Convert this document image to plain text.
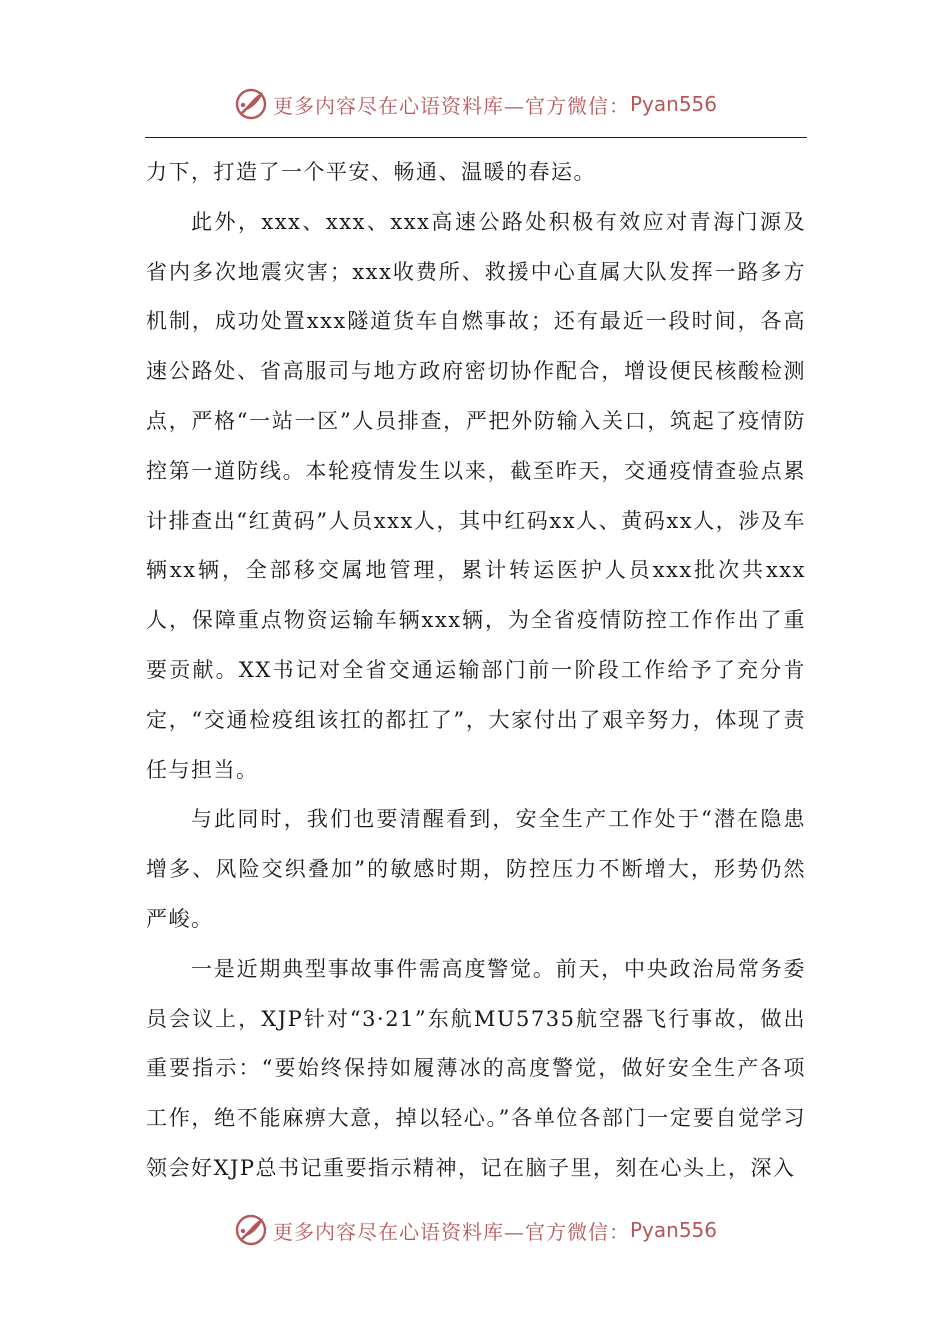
更多内容尽在心语资料库—官方微信： Pyan556

力下，打造了一个平安、畅通、温暖的春运。

此外，xxx、xxx、xxx高速公路处积极有效应对青海门源及省内多次地震灾害；xxx收费所、救援中心直属大队发挥一路多方机制，成功处置xxx隧道货车自燃事故；还有最近一段时间，各高速公路处、省高服司与地方政府密切协作配合，增设便民核酸检测点，严格“一站一区”人员排查，严把外防输入关口，筑起了疫情防控第一道防线。本轮疫情发生以来，截至昨天，交通疫情查验点累计排查出“红黄码”人员xxx人，其中红码xx人、黄码xx人，涉及车辆xx辆，全部移交属地管理，累计转运医护人员xxx批次共xxx人，保障重点物资运输车辆xxx辆，为全省疫情防控工作作出了重要贡献。XX书记对全省交通运输部门前一阶段工作给予了充分肯定，“交通检疫组该扛的都扛了”，大家付出了艰辛努力，体现了责任与担当。

与此同时，我们也要清醒看到，安全生产工作处于“潜在隐患增多、风险交织叠加”的敏感时期，防控压力不断增大，形势仍然严峻。

一是近期典型事故事件需高度警觉。前天，中央政治局常务委员会议上，XJP针对“3·21”东航MU5735航空器飞行事故，做出重要指示：“要始终保持如履薄冰的高度警觉，做好安全生产各项工作，绝不能麻痹大意，掉以轻心。”各单位各部门一定要自觉学习领会好XJP总书记重要指示精神，记在脑子里，刻在心头上，深入

更多内容尽在心语资料库—官方微信： Pyan556
